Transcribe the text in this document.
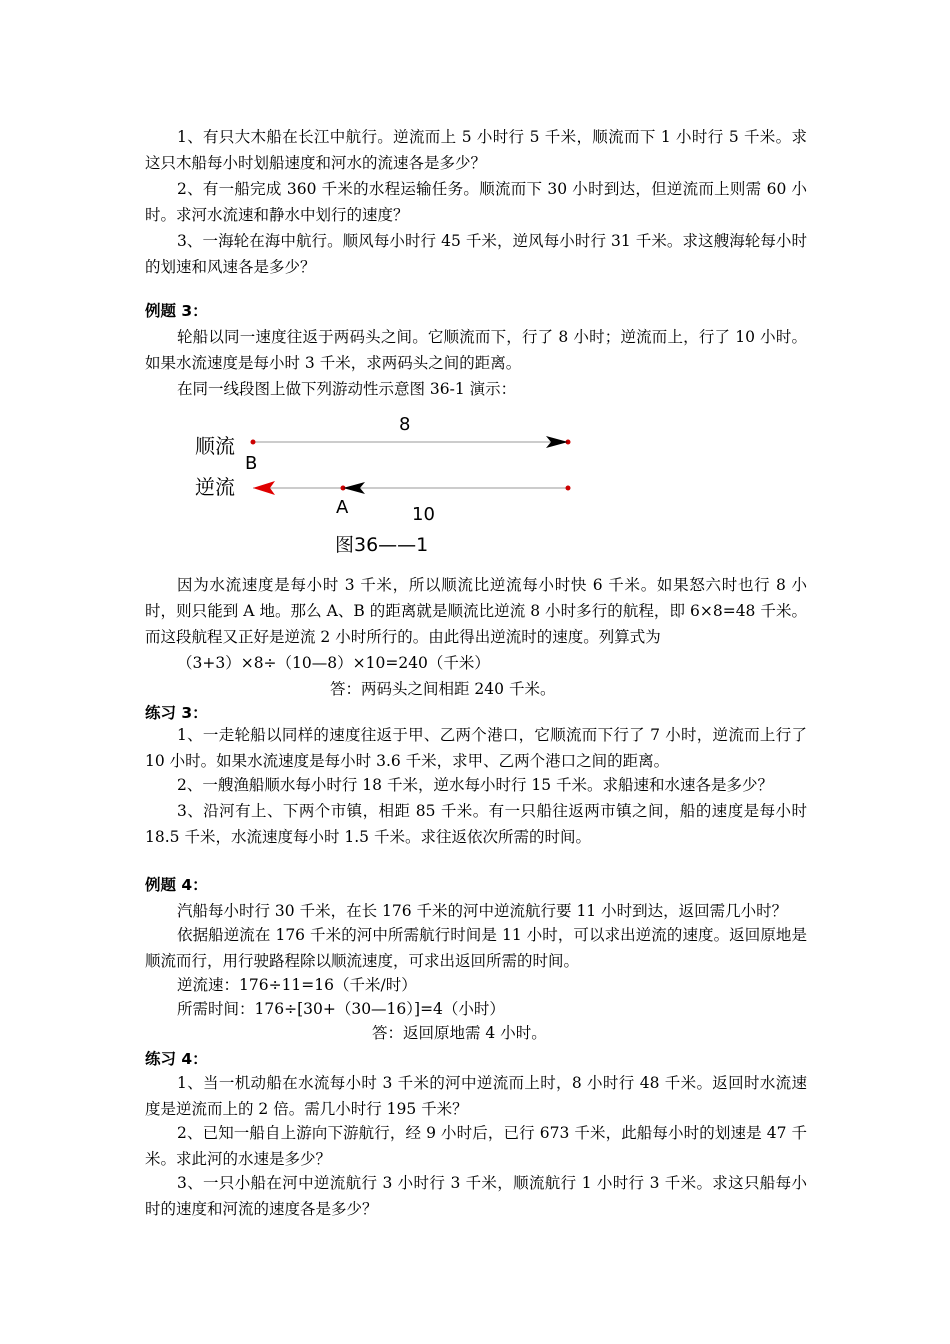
1、有只大木船在长江中航行。逆流而上 5 小时行 5 千米，顺流而下 1 小时行 5 千米。求这只木船每小时划船速度和河水的流速各是多少？

2、有一船完成 360 千米的水程运输任务。顺流而下 30 小时到达，但逆流而上则需 60 小时。求河水流速和静水中划行的速度？

3、一海轮在海中航行。顺风每小时行 45 千米，逆风每小时行 31 千米。求这艘海轮每小时的划速和风速各是多少？

例题 3：

轮船以同一速度往返于两码头之间。它顺流而下，行了 8 小时；逆流而上，行了 10 小时。如果水流速度是每小时 3 千米，求两码头之间的距离。

在同一线段图上做下列游动性示意图 36-1 演示：

顺流
逆流
8
B
A	10
图36——1

因为水流速度是每小时 3 千米，所以顺流比逆流每小时快 6 千米。如果怒六时也行 8 小时，则只能到 A 地。那么 A、B 的距离就是顺流比逆流 8 小时多行的航程，即 6×8=48 千米。而这段航程又正好是逆流 2 小时所行的。由此得出逆流时的速度。列算式为

（3+3）×8÷（10—8）×10=240（千米）

答：两码头之间相距 240 千米。

练习 3：

1、一走轮船以同样的速度往返于甲、乙两个港口，它顺流而下行了 7 小时，逆流而上行了 10 小时。如果水流速度是每小时 3.6 千米，求甲、乙两个港口之间的距离。

2、一艘渔船顺水每小时行 18 千米，逆水每小时行 15 千米。求船速和水速各是多少？

3、沿河有上、下两个市镇，相距 85 千米。有一只船往返两市镇之间，船的速度是每小时 18.5 千米，水流速度每小时 1.5 千米。求往返依次所需的时间。

例题 4：

汽船每小时行 30 千米，在长 176 千米的河中逆流航行要 11 小时到达，返回需几小时？

依据船逆流在 176 千米的河中所需航行时间是 11 小时，可以求出逆流的速度。返回原地是顺流而行，用行驶路程除以顺流速度，可求出返回所需的时间。

逆流速：176÷11=16（千米/时）

所需时间：176÷[30+（30—16）]=4（小时）

答：返回原地需 4 小时。

练习 4：

1、当一机动船在水流每小时 3 千米的河中逆流而上时，8 小时行 48 千米。返回时水流速度是逆流而上的 2 倍。需几小时行 195 千米？

2、已知一船自上游向下游航行，经 9 小时后，已行 673 千米，此船每小时的划速是 47 千米。求此河的水速是多少？

3、一只小船在河中逆流航行 3 小时行 3 千米，顺流航行 1 小时行 3 千米。求这只船每小时的速度和河流的速度各是多少？
